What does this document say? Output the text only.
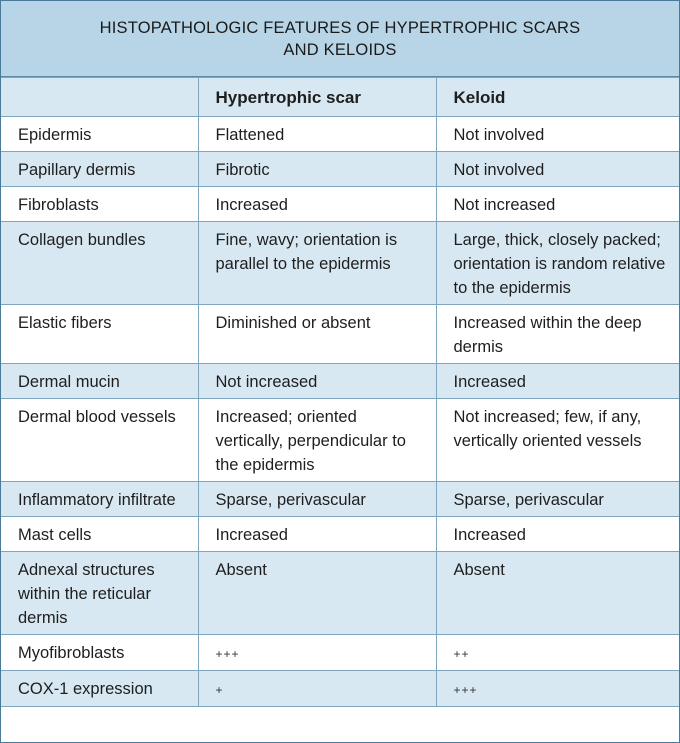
HISTOPATHOLOGIC FEATURES OF HYPERTROPHIC SCARS
AND KELOIDS
	Hypertrophic scar	Keloid
Epidermis	Flattened	Not involved
Papillary dermis	Fibrotic	Not involved
Fibroblasts	Increased	Not increased
Collagen bundles	Fine, wavy; orientation is parallel to the epidermis	Large, thick, closely packed; orientation is random relative to the epidermis
Elastic fibers	Diminished or absent	Increased within the deep dermis
Dermal mucin	Not increased	Increased
Dermal blood vessels	Increased; oriented vertically, perpendicular to the epidermis	Not increased; few, if any, vertically oriented vessels
Inflammatory infiltrate	Sparse, perivascular	Sparse, perivascular
Mast cells	Increased	Increased
Adnexal structures within the reticular dermis	Absent	Absent
Myofibroblasts	+++	++
COX-1 expression	+	+++
